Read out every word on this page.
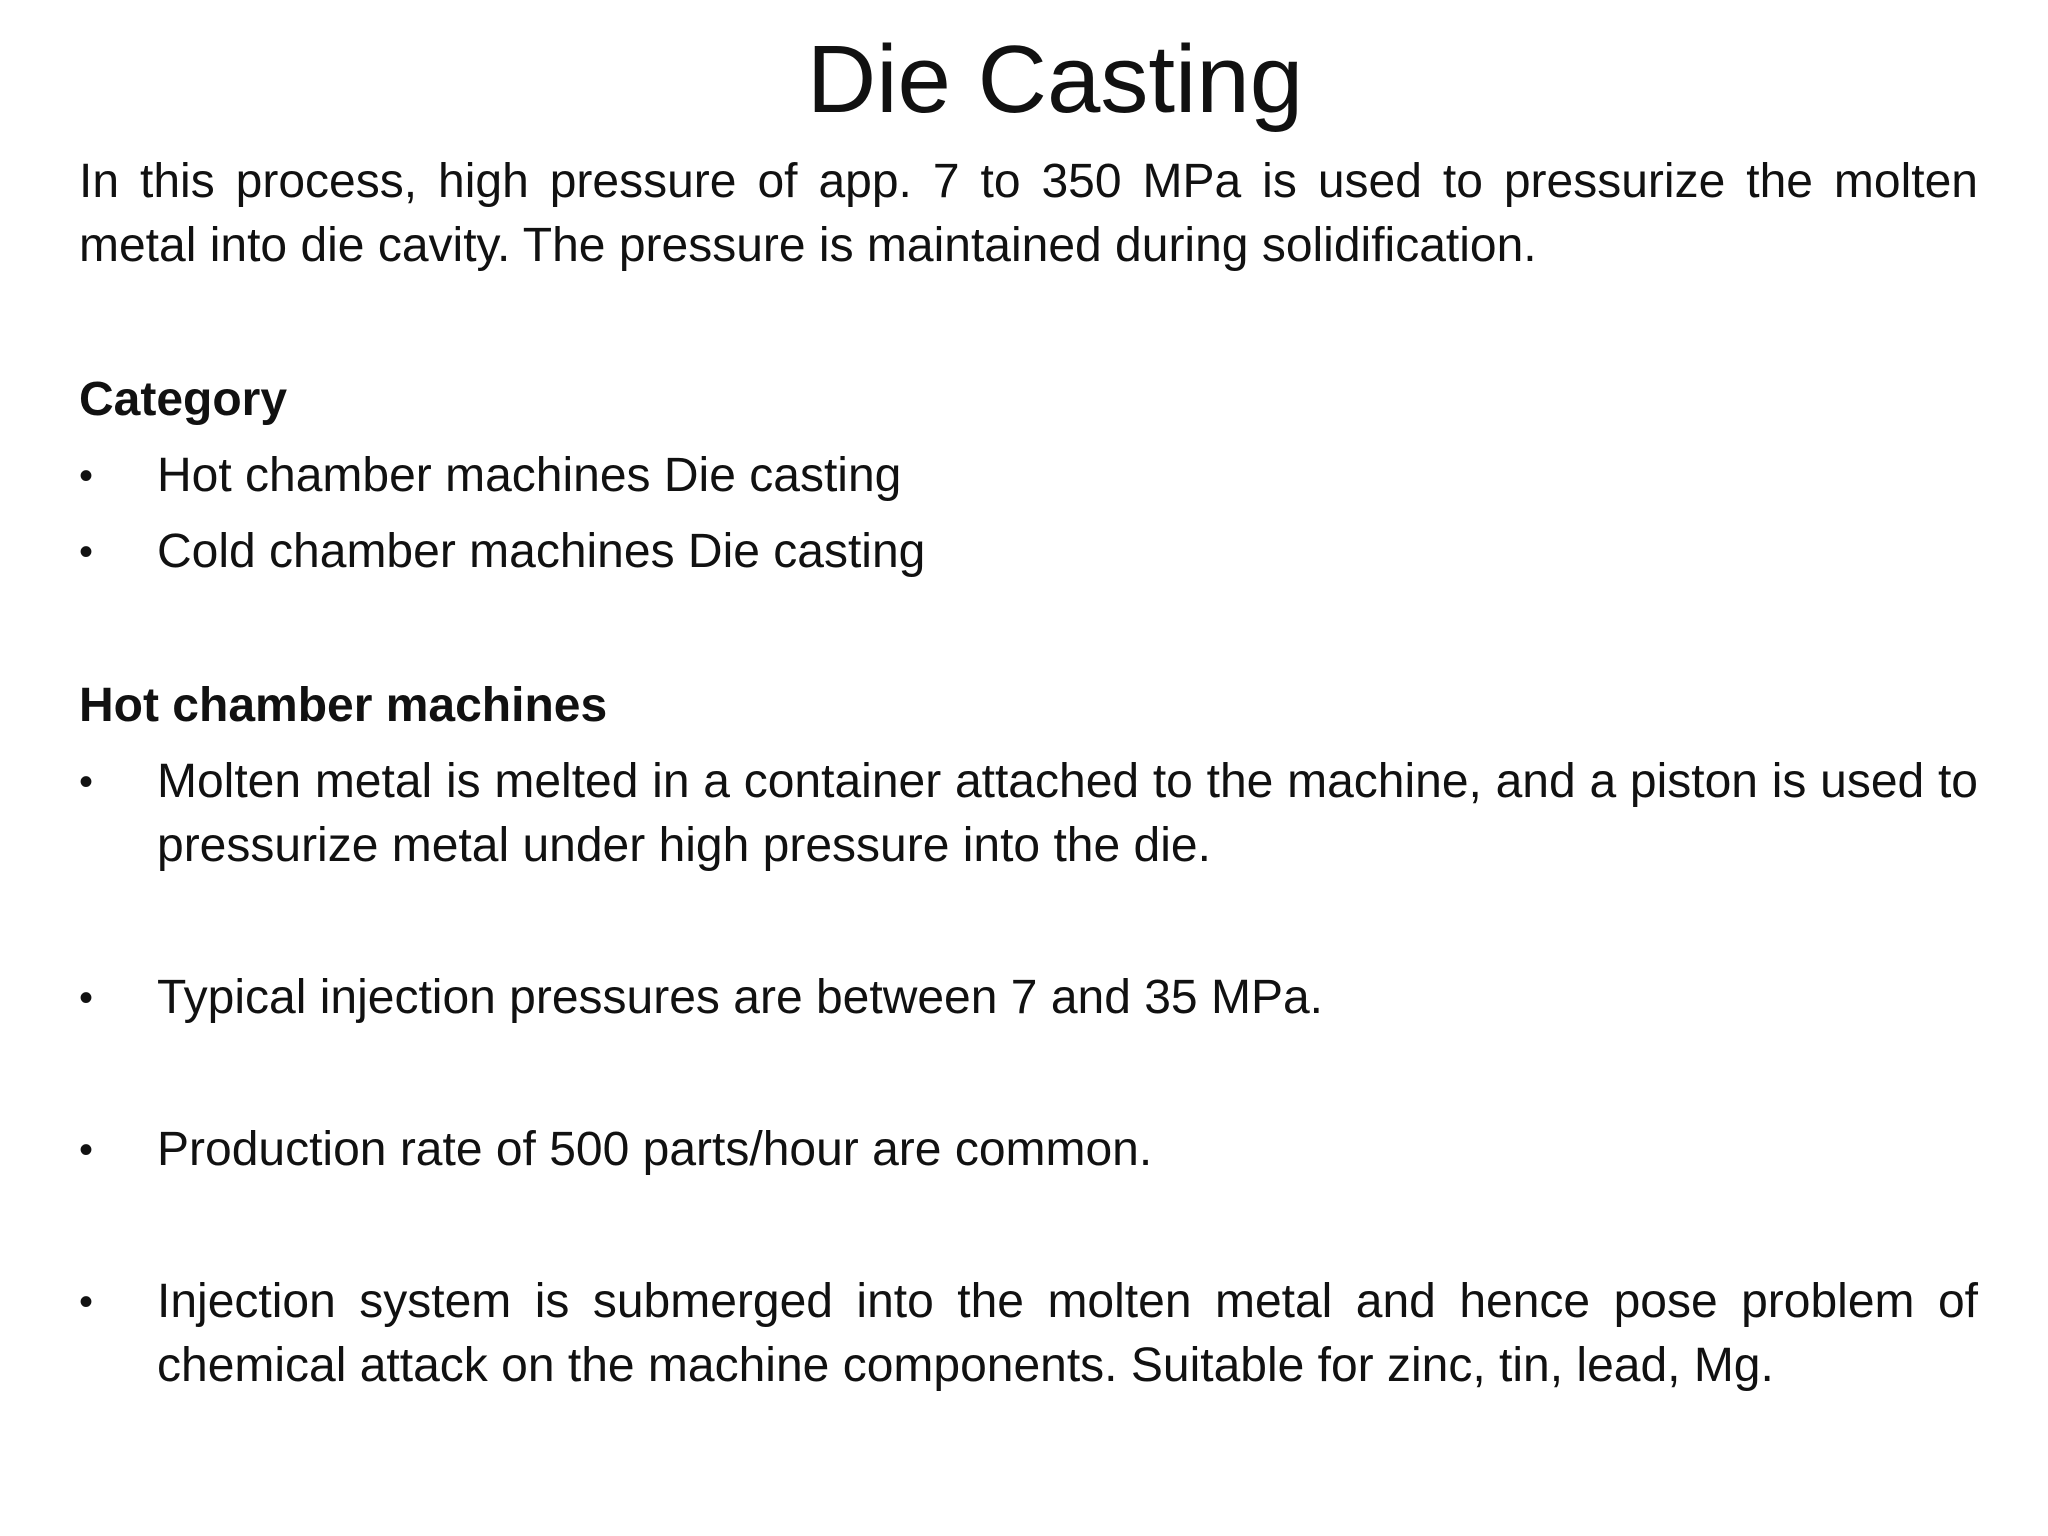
Die Casting

In this process, high pressure of app. 7 to 350 MPa is used to pressurize the molten metal into die cavity. The pressure is maintained during solidification.

Category

• Hot chamber machines Die casting
• Cold chamber machines Die casting

Hot chamber machines

• Molten metal is melted in a container attached to the machine, and a piston is used to pressurize metal under high pressure into the die.
• Typical injection pressures are between 7 and 35 MPa.
• Production rate of 500 parts/hour are common.
• Injection system is submerged into the molten metal and hence pose problem of chemical attack on the machine components. Suitable for zinc, tin, lead, Mg.
